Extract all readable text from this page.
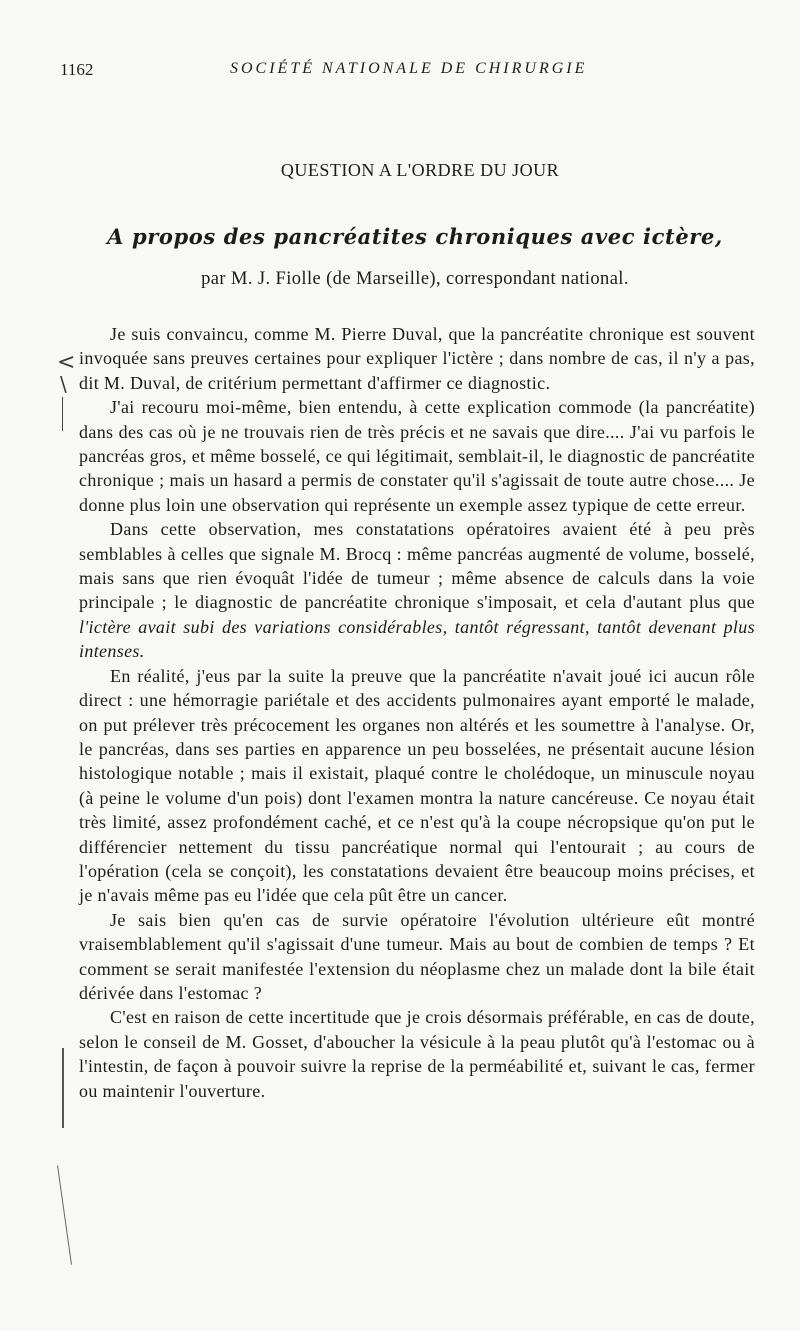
1162	SOCIÉTÉ NATIONALE DE CHIRURGIE
QUESTION A L'ORDRE DU JOUR
A propos des pancréatites chroniques avec ictère,
par M. J. Fiolle (de Marseille), correspondant national.
<
\

Je suis convaincu, comme M. Pierre Duval, que la pancréatite chronique est souvent invoquée sans preuves certaines pour expliquer l'ictère ; dans nombre de cas, il n'y a pas, dit M. Duval, de critérium permettant d'affirmer ce diagnostic.

J'ai recouru moi-même, bien entendu, à cette explication commode (la pancréatite) dans des cas où je ne trouvais rien de très précis et ne savais que dire.... J'ai vu parfois le pancréas gros, et même bosselé, ce qui légitimait, semblait-il, le diagnostic de pancréatite chronique ; mais un hasard a permis de constater qu'il s'agissait de toute autre chose.... Je donne plus loin une observation qui représente un exemple assez typique de cette erreur.

Dans cette observation, mes constatations opératoires avaient été à peu près semblables à celles que signale M. Brocq : même pancréas augmenté de volume, bosselé, mais sans que rien évoquât l'idée de tumeur ; même absence de calculs dans la voie principale ; le diagnostic de pancréatite chronique s'imposait, et cela d'autant plus que l'ictère avait subi des variations considérables, tantôt régressant, tantôt devenant plus intenses.

En réalité, j'eus par la suite la preuve que la pancréatite n'avait joué ici aucun rôle direct : une hémorragie pariétale et des accidents pulmonaires ayant emporté le malade, on put prélever très précocement les organes non altérés et les soumettre à l'analyse. Or, le pancréas, dans ses parties en apparence un peu bosselées, ne présentait aucune lésion histologique notable ; mais il existait, plaqué contre le cholédoque, un minuscule noyau (à peine le volume d'un pois) dont l'examen montra la nature cancéreuse. Ce noyau était très limité, assez profondément caché, et ce n'est qu'à la coupe nécropsique qu'on put le différencier nettement du tissu pancréatique normal qui l'entourait ; au cours de l'opération (cela se conçoit), les constatations devaient être beaucoup moins précises, et je n'avais même pas eu l'idée que cela pût être un cancer.

Je sais bien qu'en cas de survie opératoire l'évolution ultérieure eût montré vraisemblablement qu'il s'agissait d'une tumeur. Mais au bout de combien de temps ? Et comment se serait manifestée l'extension du néoplasme chez un malade dont la bile était dérivée dans l'estomac ?

C'est en raison de cette incertitude que je crois désormais préférable, en cas de doute, selon le conseil de M. Gosset, d'aboucher la vésicule à la peau plutôt qu'à l'estomac ou à l'intestin, de façon à pouvoir suivre la reprise de la perméabilité et, suivant le cas, fermer ou maintenir l'ouverture.
